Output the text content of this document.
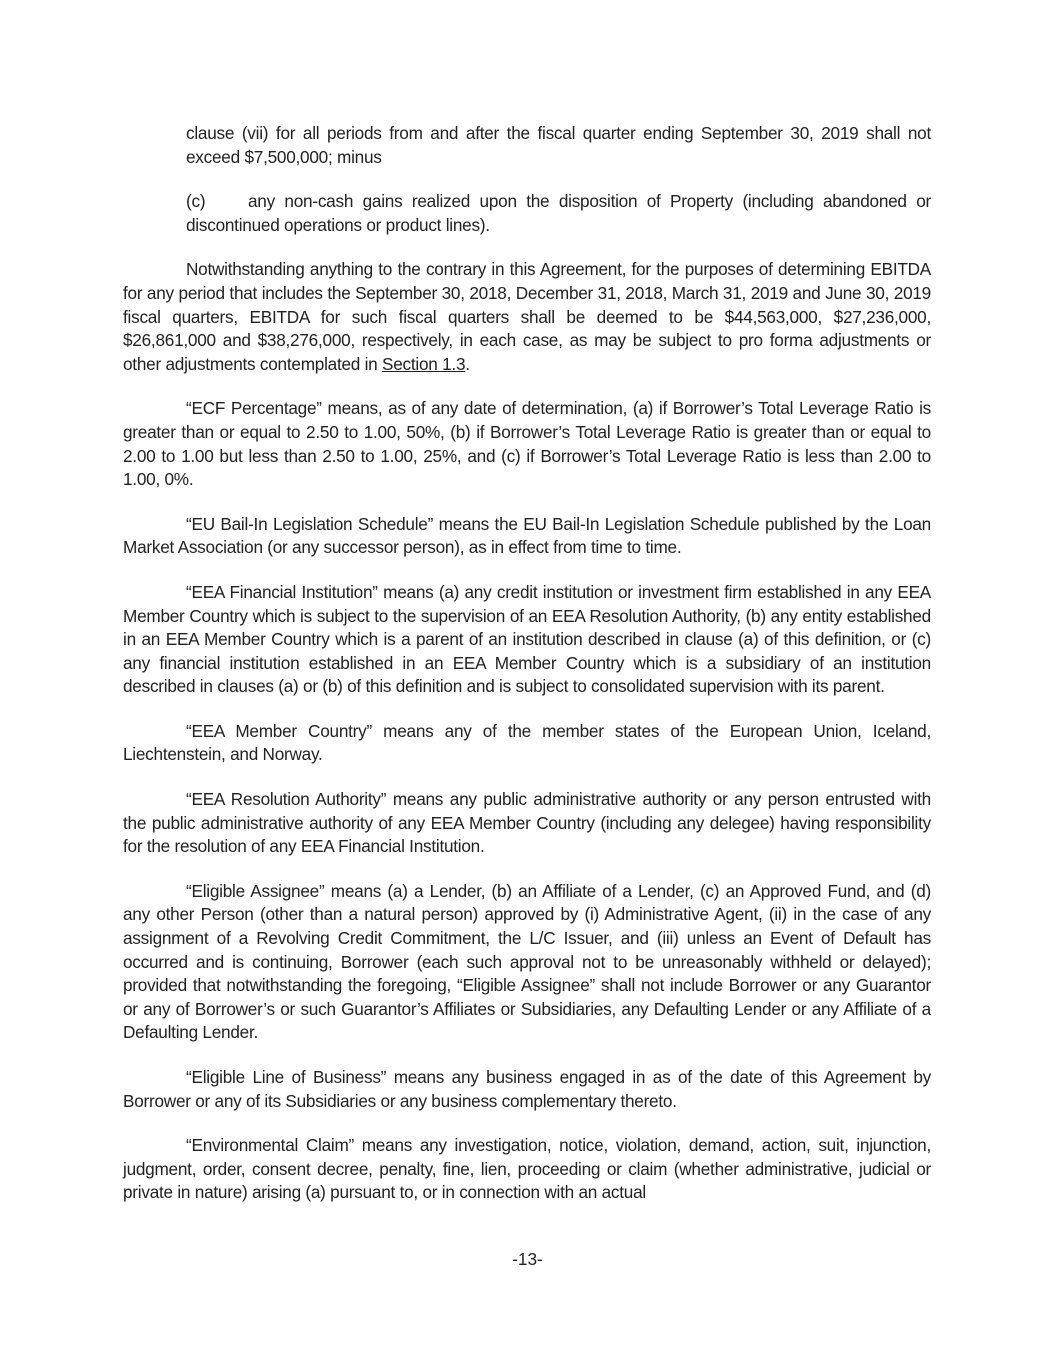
clause (vii) for all periods from and after the fiscal quarter ending September 30, 2019 shall not exceed $7,500,000; minus

(c) any non-cash gains realized upon the disposition of Property (including abandoned or discontinued operations or product lines).

Notwithstanding anything to the contrary in this Agreement, for the purposes of determining EBITDA for any period that includes the September 30, 2018, December 31, 2018, March 31, 2019 and June 30, 2019 fiscal quarters, EBITDA for such fiscal quarters shall be deemed to be $44,563,000, $27,236,000, $26,861,000 and $38,276,000, respectively, in each case, as may be subject to pro forma adjustments or other adjustments contemplated in Section 1.3.

“ECF Percentage” means, as of any date of determination, (a) if Borrower’s Total Leverage Ratio is greater than or equal to 2.50 to 1.00, 50%, (b) if Borrower’s Total Leverage Ratio is greater than or equal to 2.00 to 1.00 but less than 2.50 to 1.00, 25%, and (c) if Borrower’s Total Leverage Ratio is less than 2.00 to 1.00, 0%.

“EU Bail-In Legislation Schedule” means the EU Bail-In Legislation Schedule published by the Loan Market Association (or any successor person), as in effect from time to time.

“EEA Financial Institution” means (a) any credit institution or investment firm established in any EEA Member Country which is subject to the supervision of an EEA Resolution Authority, (b) any entity established in an EEA Member Country which is a parent of an institution described in clause (a) of this definition, or (c) any financial institution established in an EEA Member Country which is a subsidiary of an institution described in clauses (a) or (b) of this definition and is subject to consolidated supervision with its parent.

“EEA Member Country” means any of the member states of the European Union, Iceland, Liechtenstein, and Norway.

“EEA Resolution Authority” means any public administrative authority or any person entrusted with the public administrative authority of any EEA Member Country (including any delegee) having responsibility for the resolution of any EEA Financial Institution.

“Eligible Assignee” means (a) a Lender, (b) an Affiliate of a Lender, (c) an Approved Fund, and (d) any other Person (other than a natural person) approved by (i) Administrative Agent, (ii) in the case of any assignment of a Revolving Credit Commitment, the L/C Issuer, and (iii) unless an Event of Default has occurred and is continuing, Borrower (each such approval not to be unreasonably withheld or delayed); provided that notwithstanding the foregoing, “Eligible Assignee” shall not include Borrower or any Guarantor or any of Borrower’s or such Guarantor’s Affiliates or Subsidiaries, any Defaulting Lender or any Affiliate of a Defaulting Lender.

“Eligible Line of Business” means any business engaged in as of the date of this Agreement by Borrower or any of its Subsidiaries or any business complementary thereto.

“Environmental Claim” means any investigation, notice, violation, demand, action, suit, injunction, judgment, order, consent decree, penalty, fine, lien, proceeding or claim (whether administrative, judicial or private in nature) arising (a) pursuant to, or in connection with an actual

-13-
